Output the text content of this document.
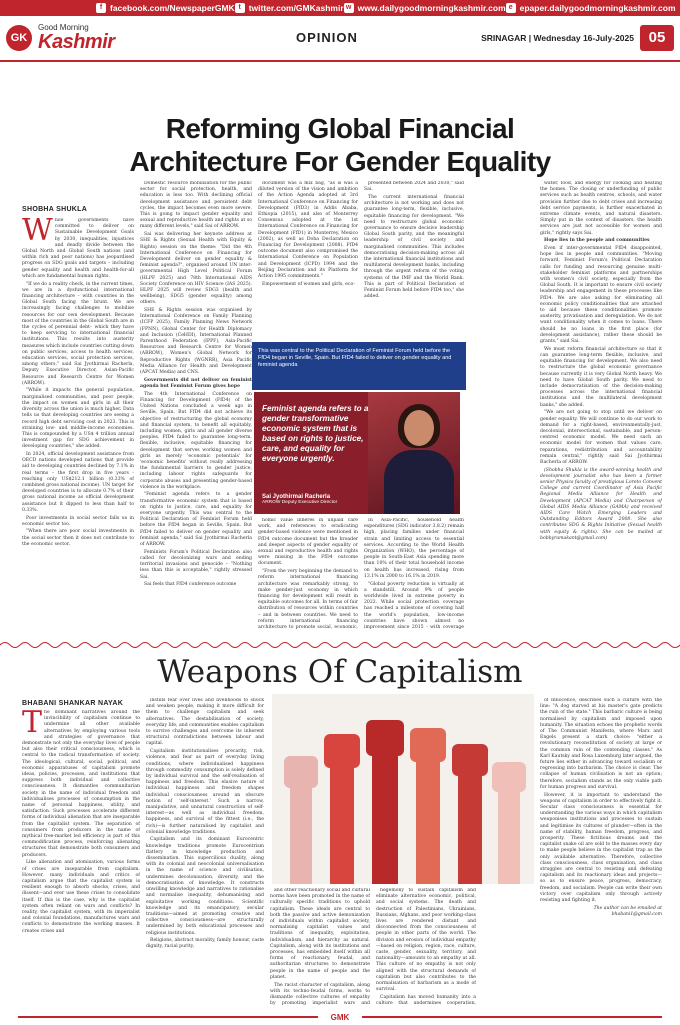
f facebook.com/NewspaperGMK t twitter.com/GMKashmir w www.dailygoodmorningkashmir.com e epaper.dailygoodmorningkashmir.com
GK
Good Morning
Kashmir	OPINION	SRINAGAR | Wednesday 16-July-2025 05
Reforming Global Financial
Architecture For Gender Equality
SHOBHA SHUKLA
W hile governments have committed to deliver on Sustainable Development Goals by 2030, inequalities, injustices and deadly divide between the Global North and Global South nations (and within rich and poor nations) has jeopardised progress on SDG goals and targets – including gender equality and health and health-for-all which are fundamental human rights.

"If we do a reality check, in the current times, we are in a dysfunctional international financing architecture – with countries in the Global South facing the brunt. We are increasingly facing challenges to mobilise resources for our own development. Because most of the countries in the Global South are in the cycles of perennial debt– which they have to keep servicing to international financial institutions. This results into austerity measures which include countries cutting down on public services, access to health services, education services, social protection services, among others," said Sai Jyothirmai Racherla, Deputy Executive Director, Asian-Pacific Resource and Research Centre for Women (ARROW).

"While it impacts the general population, marginalised communities, and poor people, the impact on women and girls in all their diversity across the union is much higher. Data tells us that developing countries are seeing a record high debt servicing cost in 2023. This is straining low- and middle-income economies. This is compounded by a US$ 4 trillion annual investment gap for SDG achievement in developing countries," she added.

In 2024, official development assistance from OECD nations developed nations that provide aid to developing countries declined by 7.1% in real terms – the first drop in five years - reaching only US$212.1 billion (0.33% of combined gross national income). UN target for developed countries is to allocate 0.7% of their gross national income as official development assistance but it dipped to less than half to 0.33%.

Poor investments in social sector falls us in economic sector too.

"When there are poor social investments in the social sector then it does not contribute to the economic sector.

Domestic resource mobilisation for the public sector for social protection, health, and education is less too. With declining official development assistance and persistent debt cycles, the impact becomes even more severe. This is going to impact gender equality and sexual and reproductive health and rights at so many different levels," said Sai of ARROW.

Sai was delivering her keynote address at SHE & Rights (Sexual Health with Equity & Rights) session on the theme: "Did the 4th International Conference on Financing for Development deliver on gender equality & feminist agenda?", organised around UN inter-governmental High Level Political Forum (HLPF 2025) and 78th International AIDS Society Conference on HIV Science (IAS 2025). HLPF 2025 will review SDG3 (health and wellbeing), SDG5 (gender equality) among others.

SHE & Rights session was organised by International Conference on Family Planning (ICFP 2025), Family Planning News Network (FPNN), Global Center for Health Diplomacy and Inclusion (CeHDI), International Planned Parenthood Federation (IPPF), Asia-Pacific Resources and Research Centre for Women (ARROW), Women's Global Network for Reproductive Rights (WGNRR), Asia Pacific Media Alliance for Health and Development (APCAT Media) and CNS.

Governments did not deliver on feminist agenda but Feminist Forum gives hope

The 4th International Conference on Financing for Development (FfD4) of the United Nations concluded a week ago in Seville, Spain. But FfD4 did not achieve its objective of restructuring the global economy and financial system, to benefit all equitably, including women, girls and all gender diverse peoples. FfD4 failed to guarantee long-term, flexible, inclusive, equitable financing for development that serves working women and girls as merely 'economic potentials' for 'economic benefits' without really addressing the fundamental barriers to gender justice, including labour rights safeguards for corporate abuses and presenting gender-based violence in the workplace.

"Feminist agenda refers to a gender transformative economic system that is based on rights to justice, care, and equality for everyone urgently. This was central to the Political Declaration of Feminist Forum held before the FfD4 began in Seville, Spain. But FfD4 failed to deliver on gender equality and feminist agenda," said Sai Jyothirmai Racherla of ARROW.

Feminists Forum's Political Declaration also called for decolonizing wars and ending territorial invasions and genocide – "Nothing less than this is acceptable," rightly stressed Sai.

Sai feels that FfD4 conference outcome

document was a mix bag, "as is was a diluted version of the vision and ambition of the Action Agenda adopted at 3rd International Conference on Financing for Development (FfD3) in Addis Ababa, Ethiopia (2015), and also of Monterrey Consensus adopted at the 1st International Conference on Financing for Development (FfD1) in Monterrey, Mexico (2002), as well as Doha Declaration on Financing for Development (2008). FfD4 outcome document also compromised the International Conference on Population and Development (ICPD) 1994 and the Beijing Declaration and its Platform for Action 1995 commitments."

Empowerment of women and girls, eco-

presented between 2024 and 2030," said Sai.

The current international financial architecture is not working and does not guarantee long-term, flexible, inclusive, equitable financing for development. "We need to restructure global economic governance to ensure decisive leadership Global South parity, and the meaningful leadership of civil society and marginalised communities. This includes democratising decision-making across all the international financial institutions and multilateral development banks, including through the urgent reform of the voting systems of the IMF and the World Bank. This is part of Political Declaration of Feminist Forum held before FfD4 too," she added.

This was central to the Political Declaration of Feminist Forum held before the FfD4 began in Seville, Spain. But FfD4 failed to deliver on gender equality and feminist agenda
Feminist agenda refers to a gender transformative economic system that is based on rights to justice, care, and equality for everyone urgently.
Sai Jyothirmai Racherla
ARROW Deputy Executive Director

nomic value inheres in unpaid care work, and references to eradicating gender-based violence were mentioned in FfD4 outcome document but the broader and deeper aspects of gender equality or sexual and reproductive health and rights were missing in the FfD4 outcome document.

"From the very beginning the demand to reform international financing architecture was remarkably strong, to make gender-just economy in which financing for development will result in equitable outcomes for all. In terms of fair distribution of resources within countries – and in between countries. We need to reform international financing architecture to promote social, economic,

In Asia-Pacific, household health expenditures (SDG indicator 3.8.2) remain high, placing families under financial strain and limiting access to essential services. According to the World Health Organization (WHO), the percentage of people in South-East Asia spending more than 10% of their total household income on health has increased, rising from 13.1% in 2000 to 16.1% in 2019.

"Global poverty reduction is virtually at a standstill. Around 9% of people worldwide lived in extreme poverty in 2022. While social protection coverage has reached a milestone of covering half the world's population, low-income countries have shown almost no improvement since 2015 - with coverage

water, food, and energy for cooking and heating the homes. The closing or underfunding of public services such as health centres, schools, and water provision further due to debt crises and increasing debt service payments, is further exacerbated in extreme climate events, and natural disasters. Simply put in the context of disasters, the health services are just not accessible for women and girls," rightly says Sai.

Hope lies in the people and communities

Even if inter-governmental FfD4 disappointed, hope lies in people and communities. "Moving forward, Feminist Forum's Political Declaration calls for funding and resourcing genuine multi-stakeholder feminist platforms and partnerships with women's civil society, especially from the Global South. It is important to ensure civil society leadership and engagement in these processes like FfD4. We are also asking for eliminating all economic policy conditionalities that are attached to aid because these conditionalities promote austerity, privatisation and deregulation. We do not want conditionality when it comes to loans. There should be no loans in the first place (for development assistance), rather these should be grants," said Sai.

We must reform financial architecture so that it can guarantee long-term flexible, inclusive, and equitable financing for development. We also need to restructure the global economic governance because currently it is very Global North heavy. We need to have Global South parity. We need to include democratisation of the decision-making processes across the international financial institutions and the multilateral development banks," she added.

"We are not going to stop until we deliver on gender equality. We will continue to do our work to demand for a right-based, environmentally-just, decolonial, intersectional, sustainable, and person-centred economic model. We need such an economic model for women that values care, reparations, redistribution and accountability remain central," rightly said Sai Jyothirmai Racherla of ARROW.

(Shobha Shukla is the award-winning health and development journalist who has been a former senior Physics faculty of prestigious Loreto Convent College and current Coordinator of Asia Pacific Regional Media Alliance for Health and Development (APCAT Media) and Chairperson of Global AIDS Media Alliance (GAMA) and received AIDS Care Watch Emerging Leaders and Outstanding Editors Award 2008. She also contributes SDG & Rights Initiative (Sexual health with equity & rights). She can be mailed at bobbyramakant@gmail.com)

Weapons Of Capitalism
BHABANI SHANKAR NAYAK
T he dominant narratives around the invincibility of capitalism continue to undermine all other available alternatives by employing various tools and strategies of governance that demonstrate not only the everyday lives of people but also their critical consciousness, which is central to the radical transformation of society. The ideological, cultural, social, political, and economic apparatuses of capitalism promote ideas, policies, processes, and institutions that suppress both individual and collective consciousness. It dismantles communitarian society in the name of individual freedom and individualises processes of consumption in the name of personal happiness, utility, and satisfaction. Such processes accelerate different forms of individual alienation that are inseparable from the capitalist system. The separation of consumers from producers in the name of mythical free-market led efficiency is part of this commodification process, reinforcing alienating structures that demonstrate both consumers and producers.

Like alienation and atomisation, various forms of crises are inseparable from capitalism. However, many individuals and critics of capitalism argue that the capitalist system is resilient enough to absorb shocks, crises, and dissent—and ever use these crises to consolidate itself. If this is the case, why is the capitalist system often reliant on wars and conflicts? In reality, the capitalist system, with its imperialist and colonial foundations, manufactures wars and conflicts to demonstrate the working masses. It creates crises and

instills fear over lives and livelihoods to shock and weaken people, making it more difficult for them to challenge capitalism and seek alternatives. The destabilisation of society, everyday life, and communities enables capitalism to survive challenges and overcome its inherent structural contradictions between labour and capital.

Capitalism institutionalises precarity, risk, violence, and fear as part of everyday living conditions, where individualised happiness through commodity consumption is solely defined by individual survival and the self-realisation of happiness and freedom. This elusive nature of individual happiness and freedom shapes individual consciousness around an obscure notion of 'self-interest.' Such a narrow, manipulative, and unnatural construction of self-interest—as well as individual freedom, happiness, and survival of the fittest (i.e., the rich)—is further naturalised by capitalist and colonial knowledge traditions.

Capitalism and its dominant Eurocentric knowledge traditions promote Eurocentrism flattery in knowledge production and dissemination. This supercilious duality, along with its colonial and neocolonial universalisation in the name of science and civilisation, undermines decolonisation, diversity, and the democratisation of knowledge. It constructs unwilling knowledge and narratives to rationalise and normalise inequality, dehumanising and exploitative working conditions. Scientific knowledge and its emancipatory, secular traditions—aimed at promoting creative and collective consciousness—are structurally undermined by both educational processes and religious institutions.

Religions, abstract morality, family honour, caste dignity, racial purity,

and other reactionary social and cultural norms have been promoted in the name of culturally specific traditions to uphold capitalism. These ideals are central to both the passive and active demonization of individuals within capitalist society, normalising capitalist values and traditions of inequality, exploitation, individualism, and hierarchy as natural. Capitalism, along with its institutions and processes, has embedded itself within all forms of reactionary, feudal, and authoritarian structures to demonstrate people in the name of people and the planet.

The racist character of capitalism, along with its techno-feudal forms, works to dismantle collective cultures of empathy by promoting imperialist wars and

hegemony to sustain capitalism and eliminate alternative economic, political, and social systems. The death and destruction of Palestinians, Ukrainians, Russians, Afghans, and poor working-class lives are rendered distant and disconnected from the consciousness of people in other parts of the world. The division and erosion of individual empathy—based on religion, region, race, culture, caste, gender, sexuality, territory, and nationality—amounts to an empathy at all. This culture of no empathy is not only aligned with the structural demands of capitalism but also contributes to the normalisation of barbarism as a mode of survival.

Capitalism has moved humanity into a culture that undermines cooperation,

of Innocence, describes such a culture with the line: "A dog starved at his master's gate predicts the ruin of the state." This barbaric culture is being normalised by capitalism and imposed upon humanity. The situation echoes the prophetic words of The Communist Manifesto, where Marx and Engels present a stark choice: "either a revolutionary reconstitution of society at large or the common ruin of the contending classes." As Karl Kautsky and Rosa Luxemburg later argued, the future lies either in advancing toward socialism or regressing into barbarism. The choice is clear. The collapse of human civilisation is not an option; therefore, socialism stands as the only viable path for human progress and survival.

However, it is important to understand the weapons of capitalism in order to effectively fight it. Secular class consciousness is essential for understanding the various ways in which capitalism weaponises institutions and processes to sustain and legitimise its cultures of plunder—often in the name of stability, human freedom, progress, and prosperity. These fictitious dreams and the capitalist snake oil are sold to the masses every day to make people believe in the capitalist trap as the only available alternative. Therefore, collective class consciousness, class organisation, and class struggles are central to resisting and defeating capitalism and its reactionary ideas and projects—so as to ensure peace, progress, democracy, freedom, and socialism. People can write their own victory over capitalism only through actively resisting and fighting it.

The author can be emailed at bhabani1@gmail.com

GMK
